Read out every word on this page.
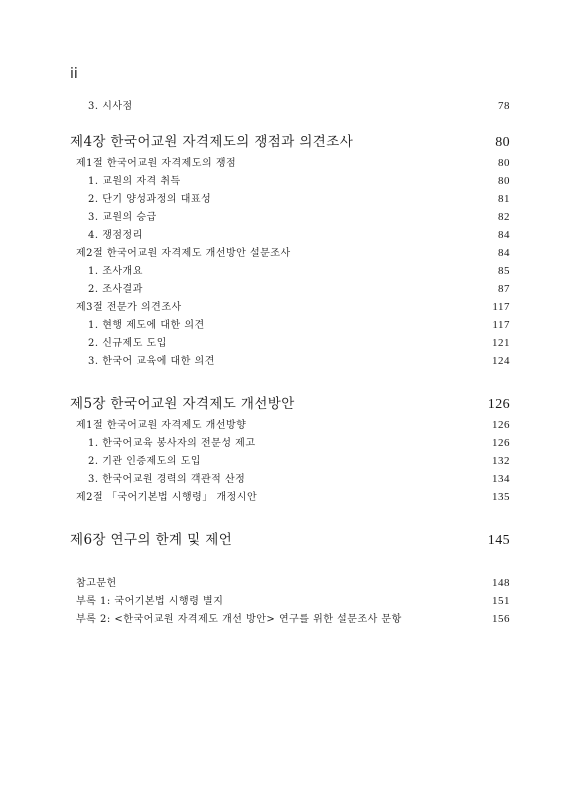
ii
3. 시사점	78
제4장 한국어교원 자격제도의 쟁점과 의견조사	80
제1절 한국어교원 자격제도의 쟁점	80
1. 교원의 자격 취득	80
2. 단기 양성과정의 대표성	81
3. 교원의 승급	82
4. 쟁점정리	84
제2절 한국어교원 자격제도 개선방안 설문조사	84
1. 조사개요	85
2. 조사결과	87
제3절 전문가 의견조사	117
1. 현행 제도에 대한 의견	117
2. 신규제도 도입	121
3. 한국어 교육에 대한 의견	124
제5장 한국어교원 자격제도 개선방안	126
제1절 한국어교원 자격제도 개선방향	126
1. 한국어교육 봉사자의 전문성 제고	126
2. 기관 인증제도의 도입	132
3. 한국어교원 경력의 객관적 산정	134
제2절 「국어기본법 시행령」 개정시안	135
제6장 연구의 한계 및 제언	145
참고문헌	148
부록 1: 국어기본법 시행령 별지	151
부록 2: <한국어교원 자격제도 개선 방안> 연구를 위한 설문조사 문항	156
